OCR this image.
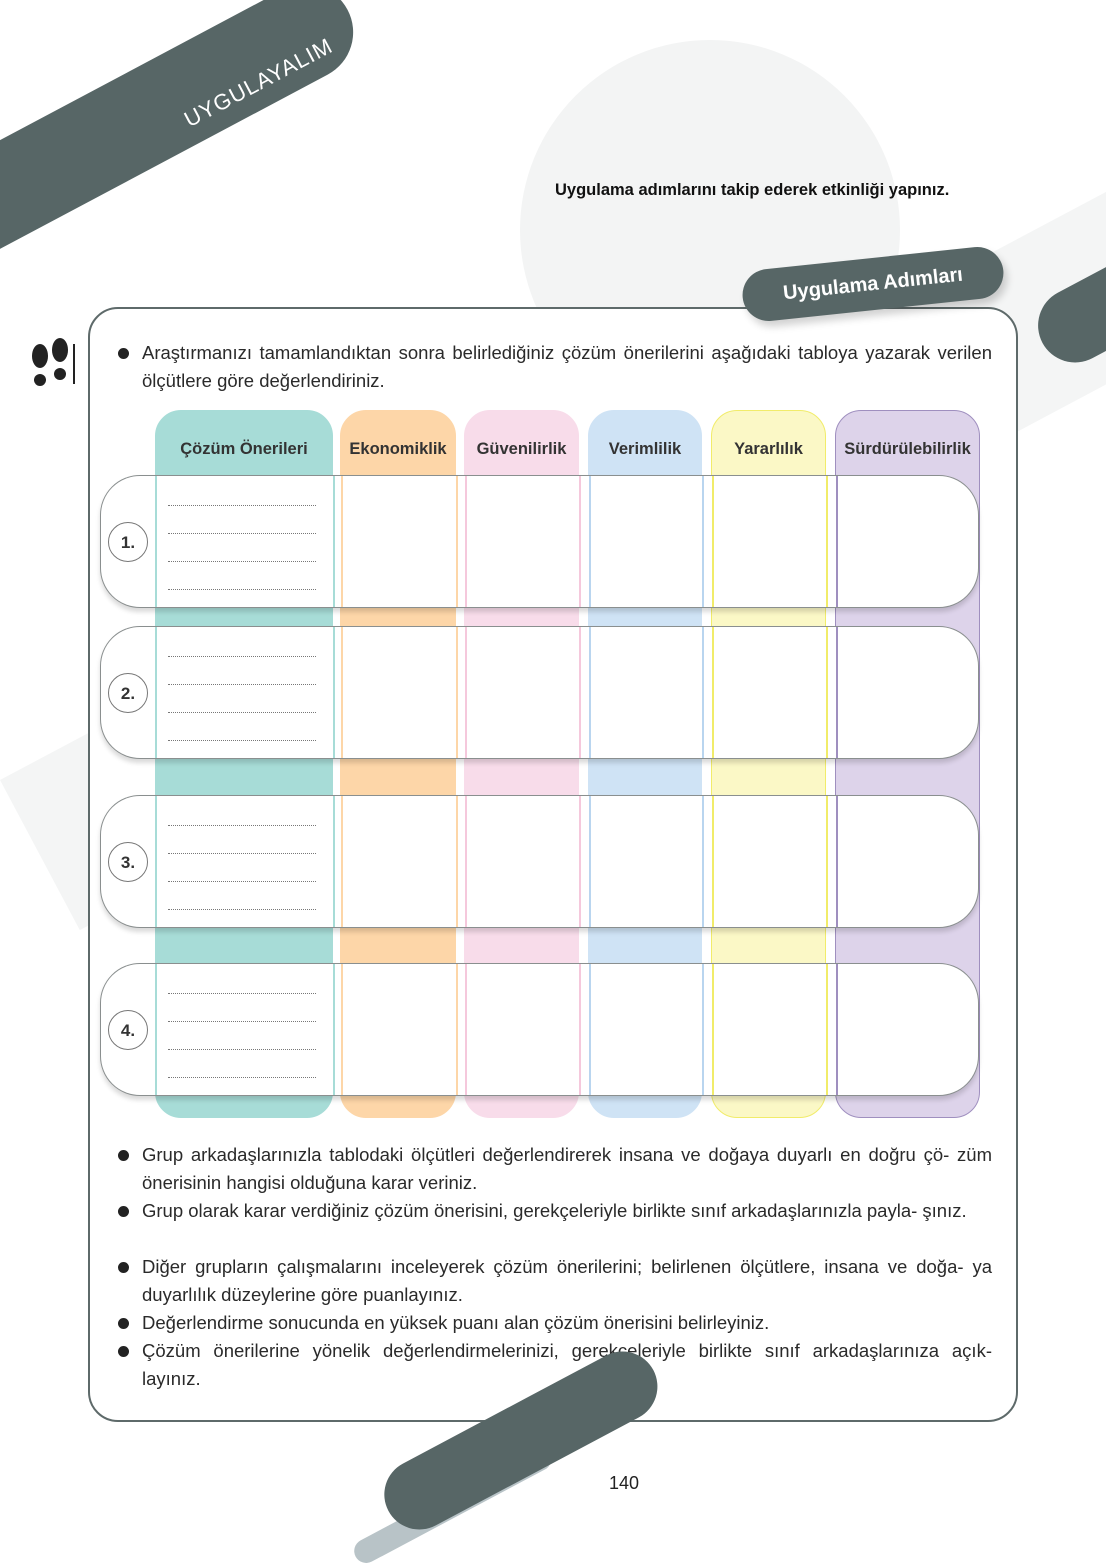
UYGULAYALIM
Uygulama adımlarını takip ederek etkinliği yapınız.
Uygulama Adımları
Araştırmanızı tamamlandıktan sonra belirlediğiniz çözüm önerilerini aşağıdaki tabloya yazarak verilen ölçütlere göre değerlendiriniz.
Çözüm Önerileri	Ekonomiklik	Güvenilirlik	Verimlilik	Yararlılık	Sürdürülebilirlik
1.
2.
3.
4.
Grup arkadaşlarınızla tablodaki ölçütleri değerlendirerek insana ve doğaya duyarlı en doğru çö- züm önerisinin hangisi olduğuna karar veriniz.
Grup olarak karar verdiğiniz çözüm önerisini, gerekçeleriyle birlikte sınıf arkadaşlarınızla payla- şınız.
Diğer grupların çalışmalarını inceleyerek çözüm önerilerini; belirlenen ölçütlere, insana ve doğa- ya duyarlılık düzeylerine göre puanlayınız.
Değerlendirme sonucunda en yüksek puanı alan çözüm önerisini belirleyiniz.
Çözüm önerilerine yönelik değerlendirmelerinizi, gerekçeleriyle birlikte sınıf arkadaşlarınıza açık- layınız.
140
